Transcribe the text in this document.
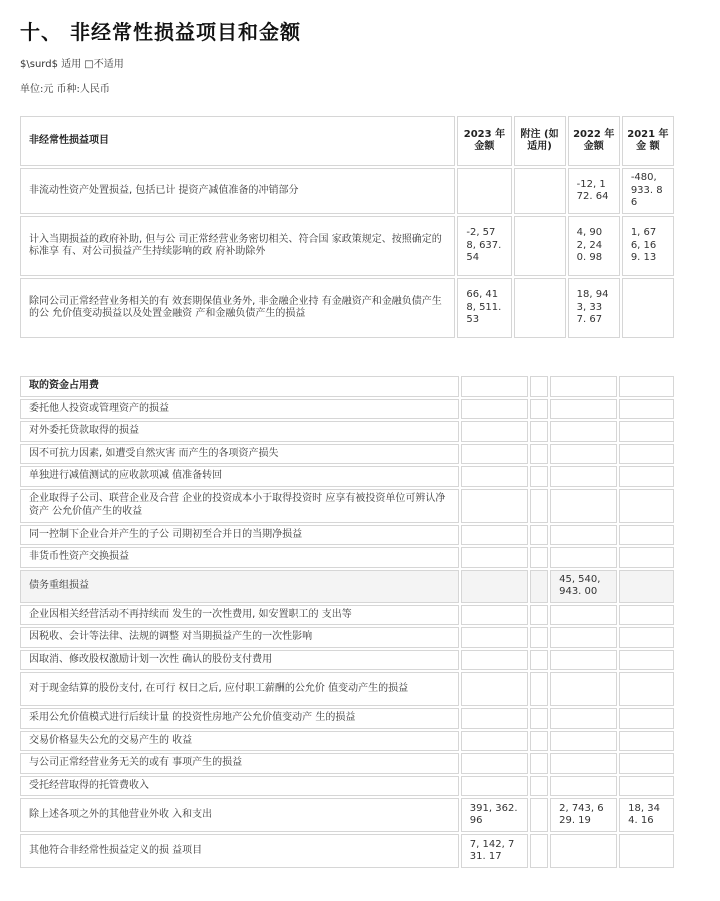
十、 非经常性损益项目和金额
$\surd$ 适用 □不适用
单位:元 币种:人民币
非经常性损益项目	2023 年金额	附注 (如 适用)	2022 年金额	2021 年金 额
非流动性资产处置损益, 包括已计 提资产减值准备的冲销部分			-12, 172. 64	-480, 933. 86
计入当期损益的政府补助, 但与公 司正常经营业务密切相关、符合国 家政策规定、按照确定的标准享 有、对公司损益产生持续影响的政 府补助除外	-2, 578, 637. 54		4, 902, 240. 98	1, 676, 169. 13
除同公司正常经营业务相关的有 效套期保值业务外, 非金融企业持 有金融资产和金融负债产生的公 允价值变动损益以及处置金融资 产和金融负债产生的损益	66, 418, 511. 53		18, 943, 337. 67	
取的资金占用费				
委托他人投资或管理资产的损益				
对外委托贷款取得的损益				
因不可抗力因素, 如遭受自然灾害 而产生的各项资产损失				
单独进行减值测试的应收款项减 值准备转回				
企业取得子公司、联营企业及合营 企业的投资成本小于取得投资时 应享有被投资单位可辨认净资产 公允价值产生的收益				
同一控制下企业合并产生的子公 司期初至合并日的当期净损益				
非货币性资产交换损益				
债务重组损益			45, 540, 943. 00	
企业因相关经营活动不再持续而 发生的一次性费用, 如安置职工的 支出等				
因税收、会计等法律、法规的调整 对当期损益产生的一次性影响				
因取消、修改股权激励计划一次性 确认的股份支付费用				
对于现金结算的股份支付, 在可行 权日之后, 应付职工薪酬的公允价 值变动产生的损益				
采用公允价值模式进行后续计量 的投资性房地产公允价值变动产 生的损益				
交易价格显失公允的交易产生的 收益				
与公司正常经营业务无关的或有 事项产生的损益				
受托经营取得的托管费收入				
除上述各项之外的其他营业外收 入和支出	391, 362. 96		2, 743, 629. 19	18, 344. 16
其他符合非经常性损益定义的损 益项目	7, 142, 731. 17			
